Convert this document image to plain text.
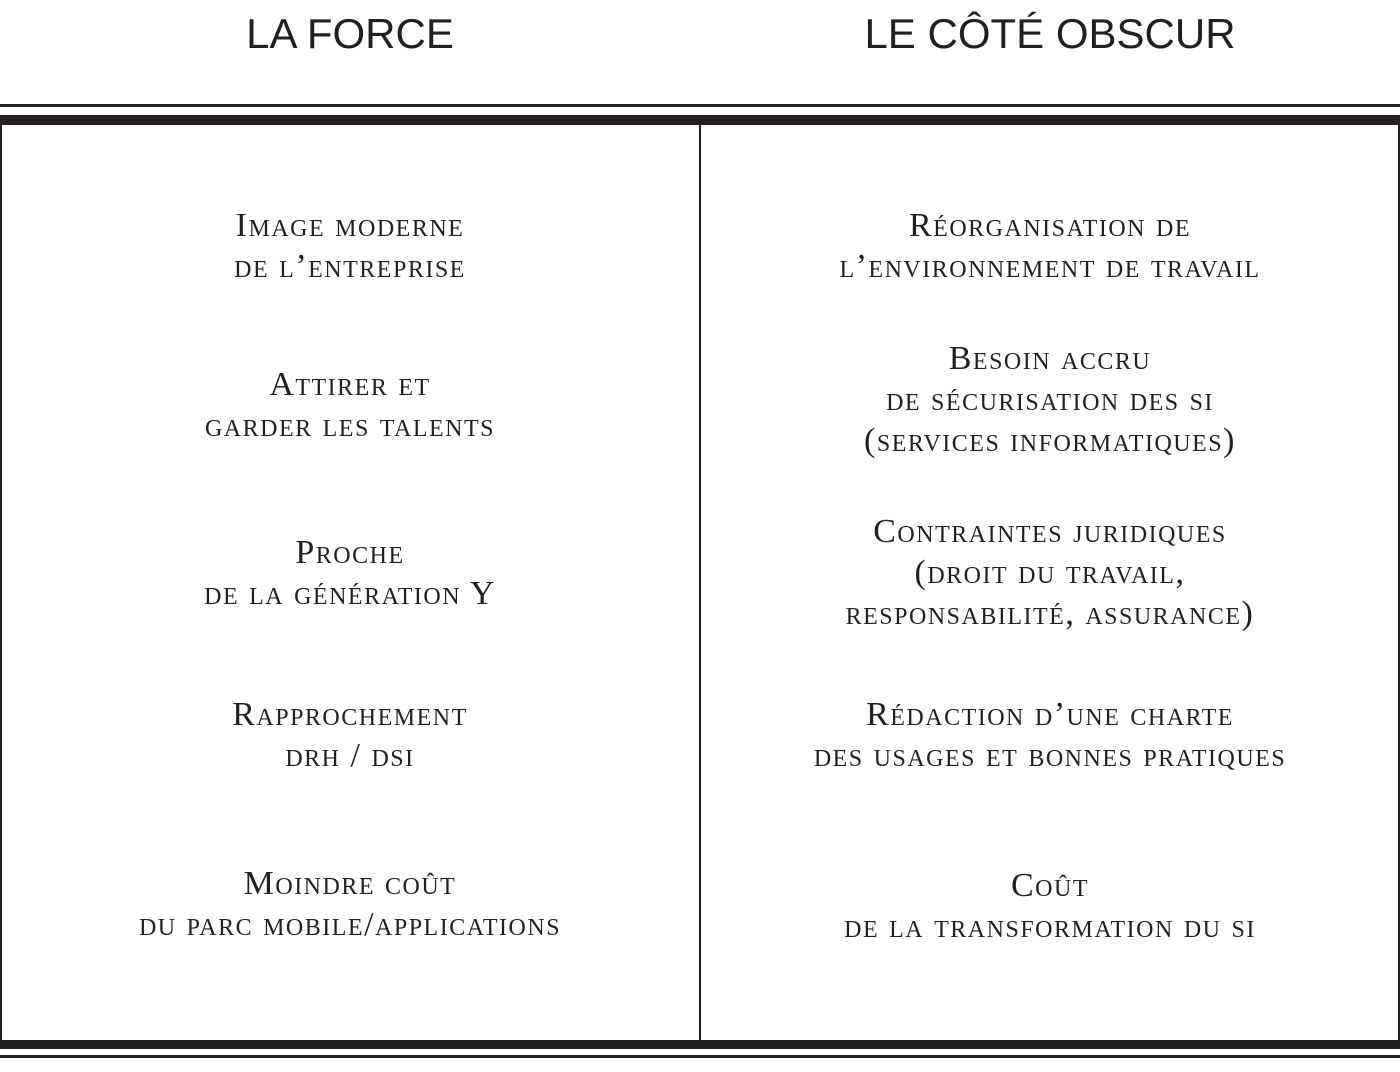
LA FORCE	LE CÔTÉ OBSCUR
Image moderne
de l’entreprise
Attirer et
garder les talents
Proche
de la génération Y
Rapprochement
drh / dsi
Moindre coût
du parc mobile/applications
Réorganisation de
l’environnement de travail
Besoin accru
de sécurisation des si
(services informatiques)
Contraintes juridiques
(droit du travail,
responsabilité, assurance)
Rédaction d’une charte
des usages et bonnes pratiques
Coût
de la transformation du si
